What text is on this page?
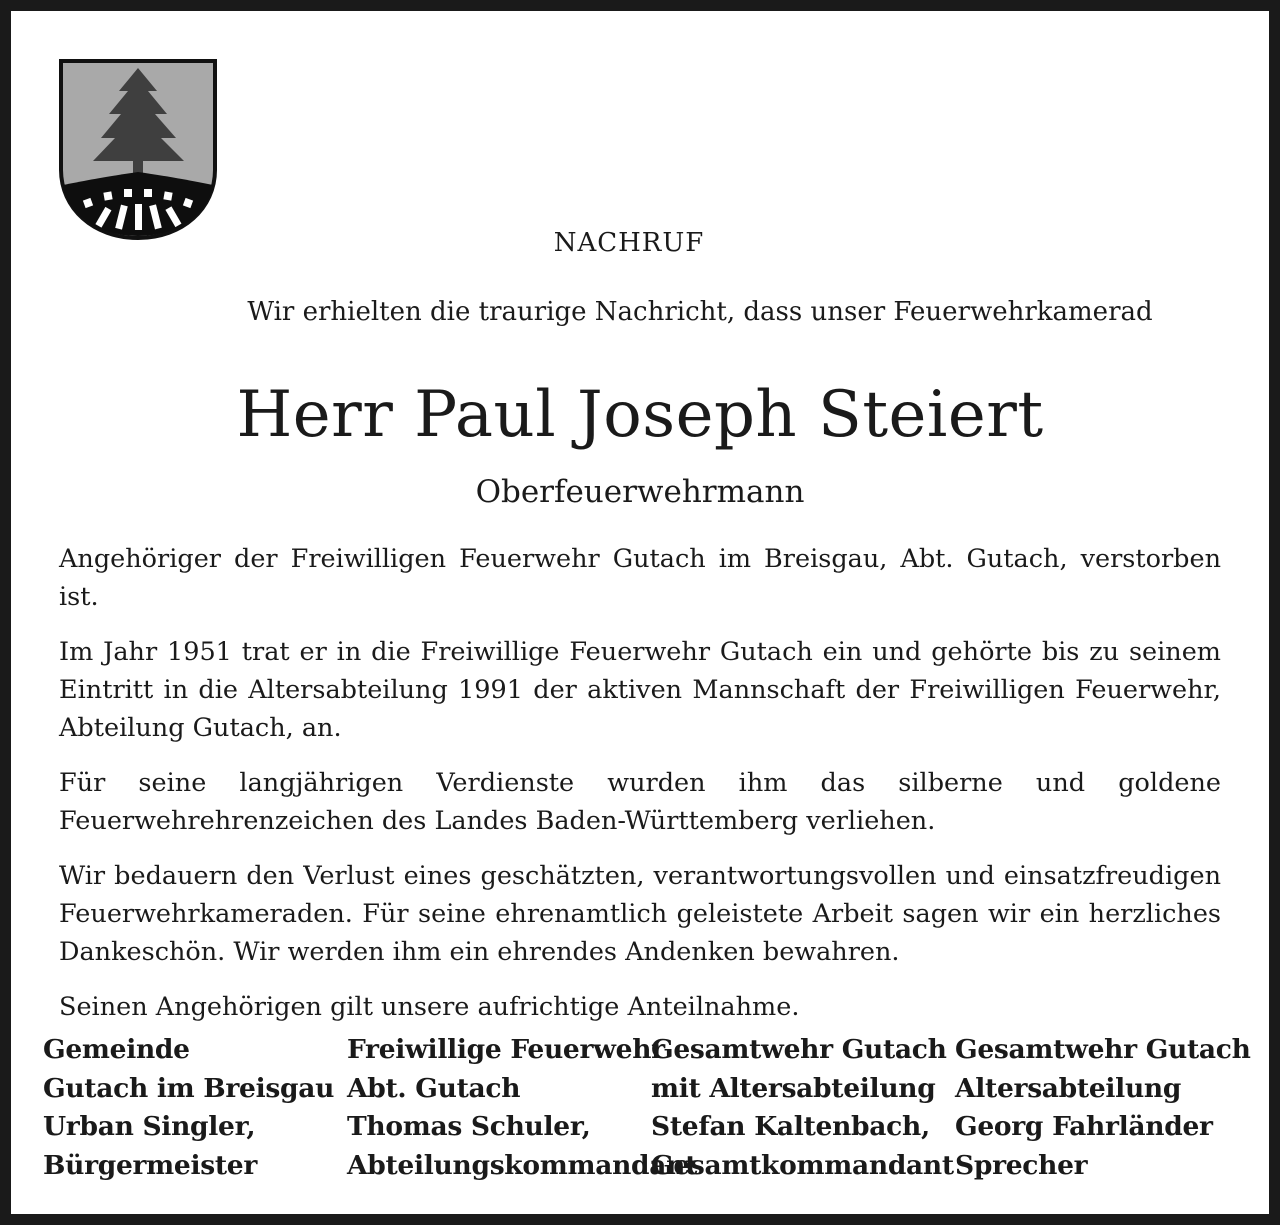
NACHRUF
Wir erhielten die traurige Nachricht, dass unser Feuerwehrkamerad
Herr Paul Joseph Steiert
Oberfeuerwehrmann

Angehöriger der Freiwilligen Feuerwehr Gutach im Breisgau, Abt. Gutach, verstorben ist.

Im Jahr 1951 trat er in die Freiwillige Feuerwehr Gutach ein und gehörte bis zu seinem Eintritt in die Altersabteilung 1991 der aktiven Mannschaft der Freiwilligen Feuerwehr, Abteilung Gutach, an.

Für seine langjährigen Verdienste wurden ihm das silberne und goldene Feuerwehrehrenzeichen des Landes Baden-Württemberg verliehen.

Wir bedauern den Verlust eines geschätzten, verantwortungsvollen und einsatzfreudigen Feuerwehrkameraden. Für seine ehrenamtlich geleistete Arbeit sagen wir ein herzliches Dankeschön. Wir werden ihm ein ehrendes Andenken bewahren.

Seinen Angehörigen gilt unsere aufrichtige Anteilnahme.

Gemeinde
Gutach im Breisgau
Urban Singler,
Bürgermeister
Freiwillige Feuerwehr
Abt. Gutach
Thomas Schuler,
Abteilungskommandant
Gesamtwehr Gutach
mit Altersabteilung
Stefan Kaltenbach,
Gesamtkommandant
Gesamtwehr Gutach
Altersabteilung
Georg Fahrländer
Sprecher
